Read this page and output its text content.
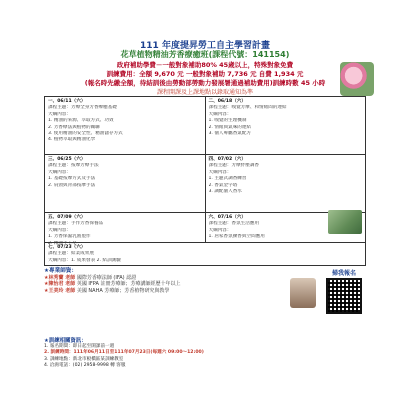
111 年度提昇勞工自主學習計畫
花草植物精油芳香療癒班(課程代號：141154)
政府補助學費－一般對象補助80% 45歲以上，特殊對象免費
訓練費用：全額 9,670 元 一般對象補助 7,736 元 自費 1,934 元
(報名時先繳全額，待結訓後由勞動部勞動力發展署通過補助費用)訓練時數 45 小時
課程開課及上課地點以錄取通知為準
一、06/11（六）
課程主題：芳療全身芳香療癒基礎
大綱內容：
1. 精油的來源、萃取方式、功效
2. 芳香療法與植物的關聯
3. 使用精油的安全性、精油儲存方式
4. 植物萃取與精油化學
二、06/18（六）
課程主題：嗅覺芳療、和情緒間的連結
大綱內容：
1. 嗅覺的生理機制
2. 情緒與氣味的連結
3. 個人專屬香氣配方
三、06/25（六）
課程主題：按摩芳療手法
大綱內容：
1. 基礎按摩方式及手法
2. 肩頸與背部按摩手法
四、07/02（六）
課程主題：芳療紓壓調香
大綱內容：
1. 主題式調香練習
2. 香氣金字塔
3. 調配個人香水
五、07/09（六）
課程主題：手作芳香保養品
大綱內容：
1. 芳香保濕乳液製作
2. 精油手工皂
六、07/16（六）
課程主題：香氛生活應用
大綱內容：
1. 居家香氛擴香與空間應用
七、07/23（六）
課程主題：結業成果展
大綱內容：1. 成果發表 2. 結訓測驗
★專業師資：
★林秀蘭 老師 國際芳香療法師 (IFA) 認證
★陳怡君 老師 英國 IFPA 註冊芳療師；芳療講師經歷十年以上
★王美玲 老師 美國 NAHA 芳療師；芳香植物研究與教學
掃我報名
★訓練相關資訊：
1. 報名期間：即日起至開課前一週
2. 訓練時間：111年06月11日至111年07月23日(每週六 09:00～12:00)
3. 訓練地點：新北市板橋區某訓練教室
4. 洽詢電話：(02) 2958-9998 轉 客服
